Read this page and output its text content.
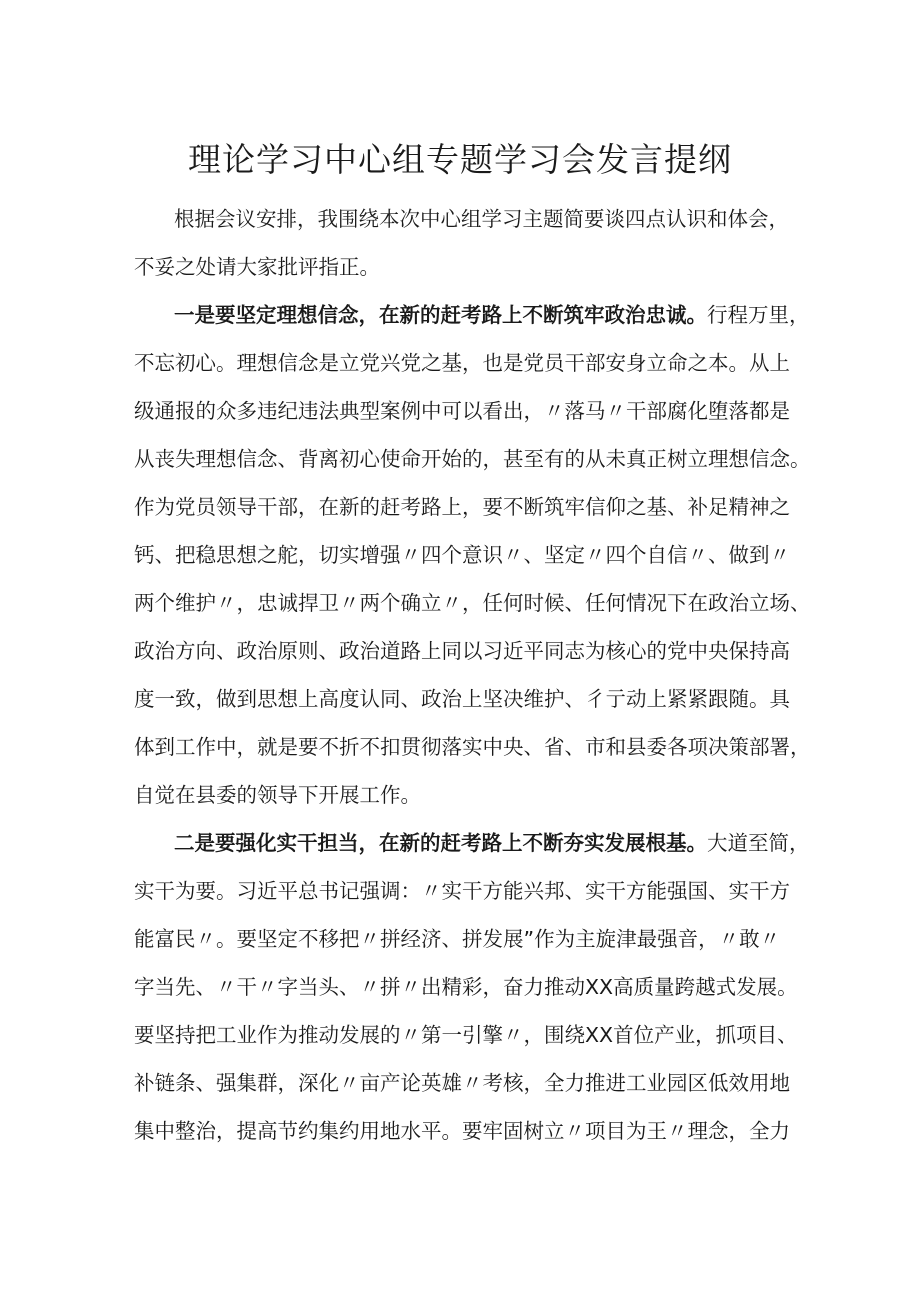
理论学习中心组专题学习会发言提纲

根据会议安排，我围绕本次中心组学习主题简要谈四点认识和体会，

不妥之处请大家批评指正。

一是要坚定理想信念，在新的赶考路上不断筑牢政治忠诚。行程万里，

不忘初心。理想信念是立党兴党之基，也是党员干部安身立命之本。从上

级通报的众多违纪违法典型案例中可以看出，〃落马〃干部腐化堕落都是

从丧失理想信念、背离初心使命开始的，甚至有的从未真正树立理想信念。

作为党员领导干部，在新的赶考路上，要不断筑牢信仰之基、补足精神之

钙、把稳思想之舵，切实增强〃四个意识〃、坚定〃四个自信〃、做到〃

两个维护〃，忠诚捍卫〃两个确立〃，任何时候、任何情况下在政治立场、

政治方向、政治原则、政治道路上同以习近平同志为核心的党中央保持高

度一致，做到思想上高度认同、政治上坚决维护、彳亍动上紧紧跟随。具

体到工作中，就是要不折不扣贯彻落实中央、省、市和县委各项决策部署，

自觉在县委的领导下开展工作。

二是要强化实干担当，在新的赶考路上不断夯实发展根基。大道至简，

实干为要。习近平总书记强调：〃实干方能兴邦、实干方能强国、实干方

能富民〃。要坚定不移把〃拼经济、拼发展”作为主旋津最强音，〃敢〃

字当先、〃干〃字当头、〃拼〃出精彩，奋力推动XX高质量跨越式发展。

要坚持把工业作为推动发展的〃第一引擎〃，围绕XX首位产业，抓项目、

补链条、强集群，深化〃亩产论英雄〃考核，全力推进工业园区低效用地

集中整治，提高节约集约用地水平。要牢固树立〃项目为王〃理念，全力
